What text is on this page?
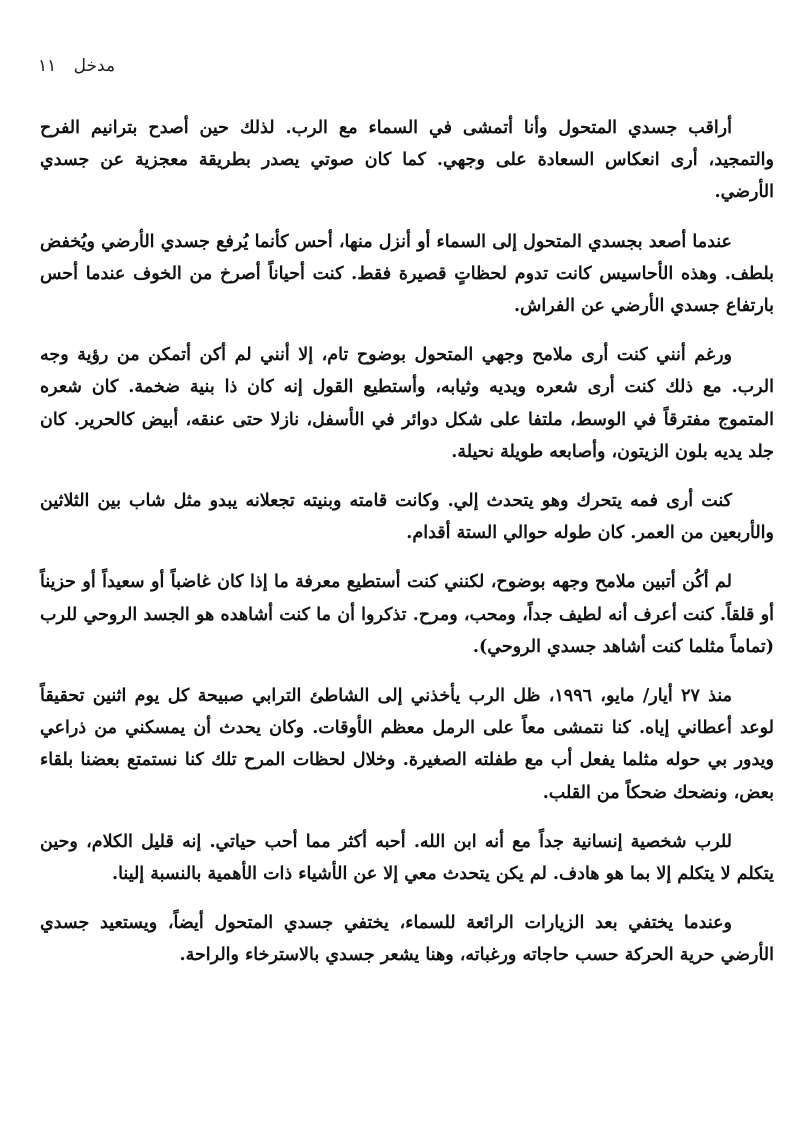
مدخل ١١

أراقب جسدي المتحول وأنا أتمشى في السماء مع الرب. لذلك حين أصدح بترانيم الفرح والتمجيد، أرى انعكاس السعادة على وجهي. كما كان صوتي يصدر بطريقة معجزية عن جسدي الأرضي.

عندما أصعد بجسدي المتحول إلى السماء أو أنزل منها، أحس كأنما يُرفع جسدي الأرضي ويُخفض بلطف. وهذه الأحاسيس كانت تدوم لحظاتٍ قصيرة فقط. كنت أحياناً أصرخ من الخوف عندما أحس بارتفاع جسدي الأرضي عن الفراش.

ورغم أنني كنت أرى ملامح وجهي المتحول بوضوح تام، إلا أنني لم أكن أتمكن من رؤية وجه الرب. مع ذلك كنت أرى شعره ويديه وثيابه، وأستطيع القول إنه كان ذا بنية ضخمة. كان شعره المتموج مفترقاً في الوسط، ملتفا على شكل دوائر في الأسفل، نازلا حتى عنقه، أبيض كالحرير. كان جلد يديه بلون الزيتون، وأصابعه طويلة نحيلة.

كنت أرى فمه يتحرك وهو يتحدث إلي. وكانت قامته وبنيته تجعلانه يبدو مثل شاب بين الثلاثين والأربعين من العمر. كان طوله حوالي الستة أقدام.

لم أكُن أتبين ملامح وجهه بوضوح، لكنني كنت أستطيع معرفة ما إذا كان غاضباً أو سعيداً أو حزيناً أو قلقاً. كنت أعرف أنه لطيف جداً، ومحب، ومرح. تذكروا أن ما كنت أشاهده هو الجسد الروحي للرب (تماماً مثلما كنت أشاهد جسدي الروحي).

منذ ٢٧ أيار/ مايو، ١٩٩٦، ظل الرب يأخذني إلى الشاطئ الترابي صبيحة كل يوم اثنين تحقيقاً لوعد أعطاني إياه. كنا نتمشى معاً على الرمل معظم الأوقات. وكان يحدث أن يمسكني من ذراعي ويدور بي حوله مثلما يفعل أب مع طفلته الصغيرة. وخلال لحظات المرح تلك كنا نستمتع بعضنا بلقاء بعض، ونضحك ضحكاً من القلب.

للرب شخصية إنسانية جداً مع أنه ابن الله. أحبه أكثر مما أحب حياتي. إنه قليل الكلام، وحين يتكلم لا يتكلم إلا بما هو هادف. لم يكن يتحدث معي إلا عن الأشياء ذات الأهمية بالنسبة إلينا.

وعندما يختفي بعد الزيارات الرائعة للسماء، يختفي جسدي المتحول أيضاً، ويستعيد جسدي الأرضي حرية الحركة حسب حاجاته ورغباته، وهنا يشعر جسدي بالاسترخاء والراحة.
